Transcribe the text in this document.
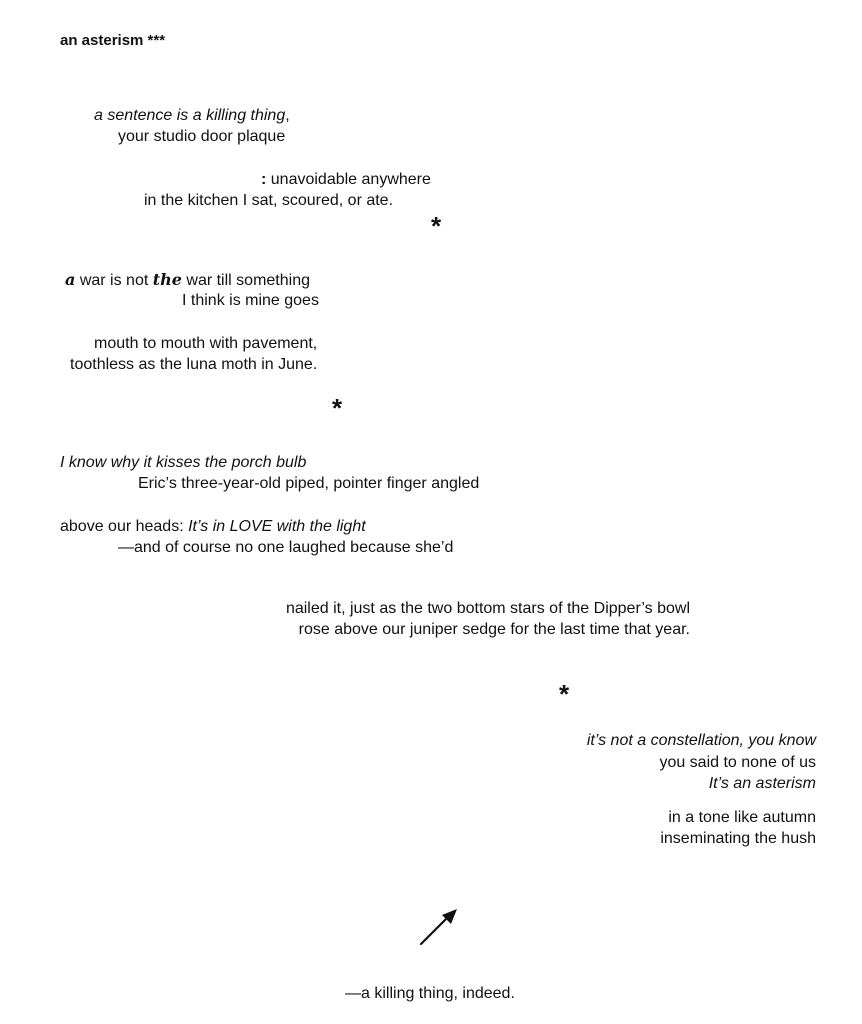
an asterism ***
a sentence is a killing thing,
your studio door plaque
: unavoidable anywhere
in the kitchen I sat, scoured, or ate.
*
a war is not the war till something
I think is mine goes
mouth to mouth with pavement,
toothless as the luna moth in June.
*
I know why it kisses the porch bulb
Eric’s three-year-old piped, pointer finger angled
above our heads: It’s in LOVE with the light
—and of course no one laughed because she’d
nailed it, just as the two bottom stars of the Dipper’s bowl
rose above our juniper sedge for the last time that year.
*
it’s not a constellation, you know
you said to none of us
It’s an asterism
in a tone like autumn
inseminating the hush
—a killing thing, indeed.
